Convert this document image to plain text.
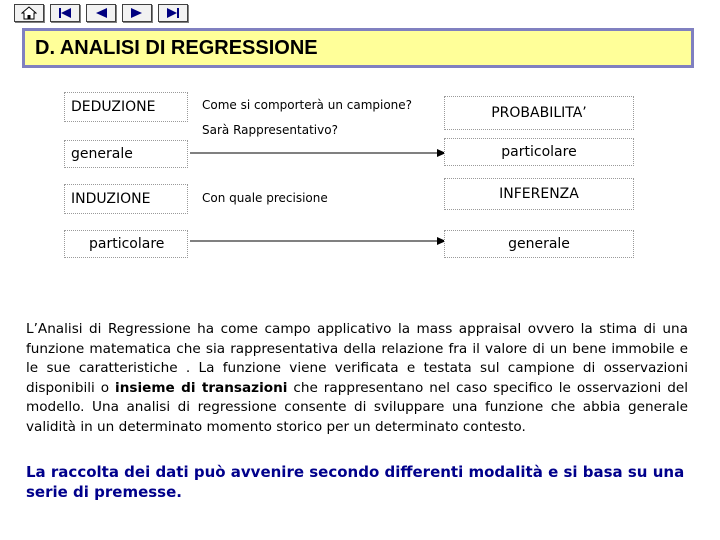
D. ANALISI DI REGRESSIONE
DEDUZIONE	Come si comporterà un campione?
Sarà Rappresentativo?
PROBABILITA’
generale	particolare
INDUZIONE	Con quale precisione	INFERENZA
particolare	generale
L’Analisi di Regressione ha come campo applicativo la mass appraisal ovvero la stima di una funzione matematica che sia rappresentativa della relazione fra il valore di un bene immobile e le sue caratteristiche . La funzione viene verificata e testata sul campione di osservazioni disponibili o insieme di transazioni che rappresentano nel caso specifico le osservazioni del modello. Una analisi di regressione consente di sviluppare una funzione che abbia generale validità in un determinato momento storico per un determinato contesto.
La raccolta dei dati può avvenire secondo differenti modalità e si basa su una serie di premesse.
